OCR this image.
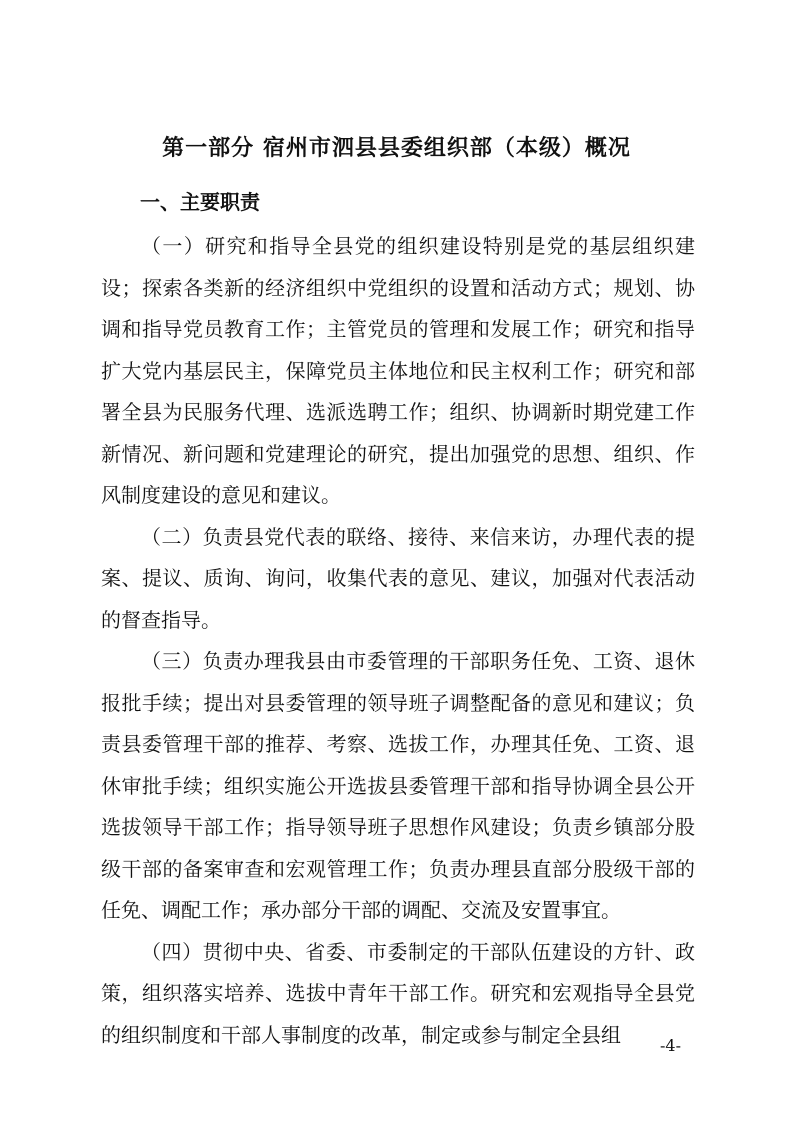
第一部分 宿州市泗县县委组织部（本级）概况
一、主要职责

（一）研究和指导全县党的组织建设特别是党的基层组织建设；探索各类新的经济组织中党组织的设置和活动方式；规划、协调和指导党员教育工作；主管党员的管理和发展工作；研究和指导扩大党内基层民主，保障党员主体地位和民主权利工作；研究和部署全县为民服务代理、选派选聘工作；组织、协调新时期党建工作新情况、新问题和党建理论的研究，提出加强党的思想、组织、作风制度建设的意见和建议。

（二）负责县党代表的联络、接待、来信来访，办理代表的提案、提议、质询、询问，收集代表的意见、建议，加强对代表活动的督查指导。

（三）负责办理我县由市委管理的干部职务任免、工资、退休报批手续；提出对县委管理的领导班子调整配备的意见和建议；负责县委管理干部的推荐、考察、选拔工作，办理其任免、工资、退休审批手续；组织实施公开选拔县委管理干部和指导协调全县公开选拔领导干部工作；指导领导班子思想作风建设；负责乡镇部分股级干部的备案审查和宏观管理工作；负责办理县直部分股级干部的任免、调配工作；承办部分干部的调配、交流及安置事宜。

（四）贯彻中央、省委、市委制定的干部队伍建设的方针、政策，组织落实培养、选拔中青年干部工作。研究和宏观指导全县党的组织制度和干部人事制度的改革，制定或参与制定全县组	-4-
